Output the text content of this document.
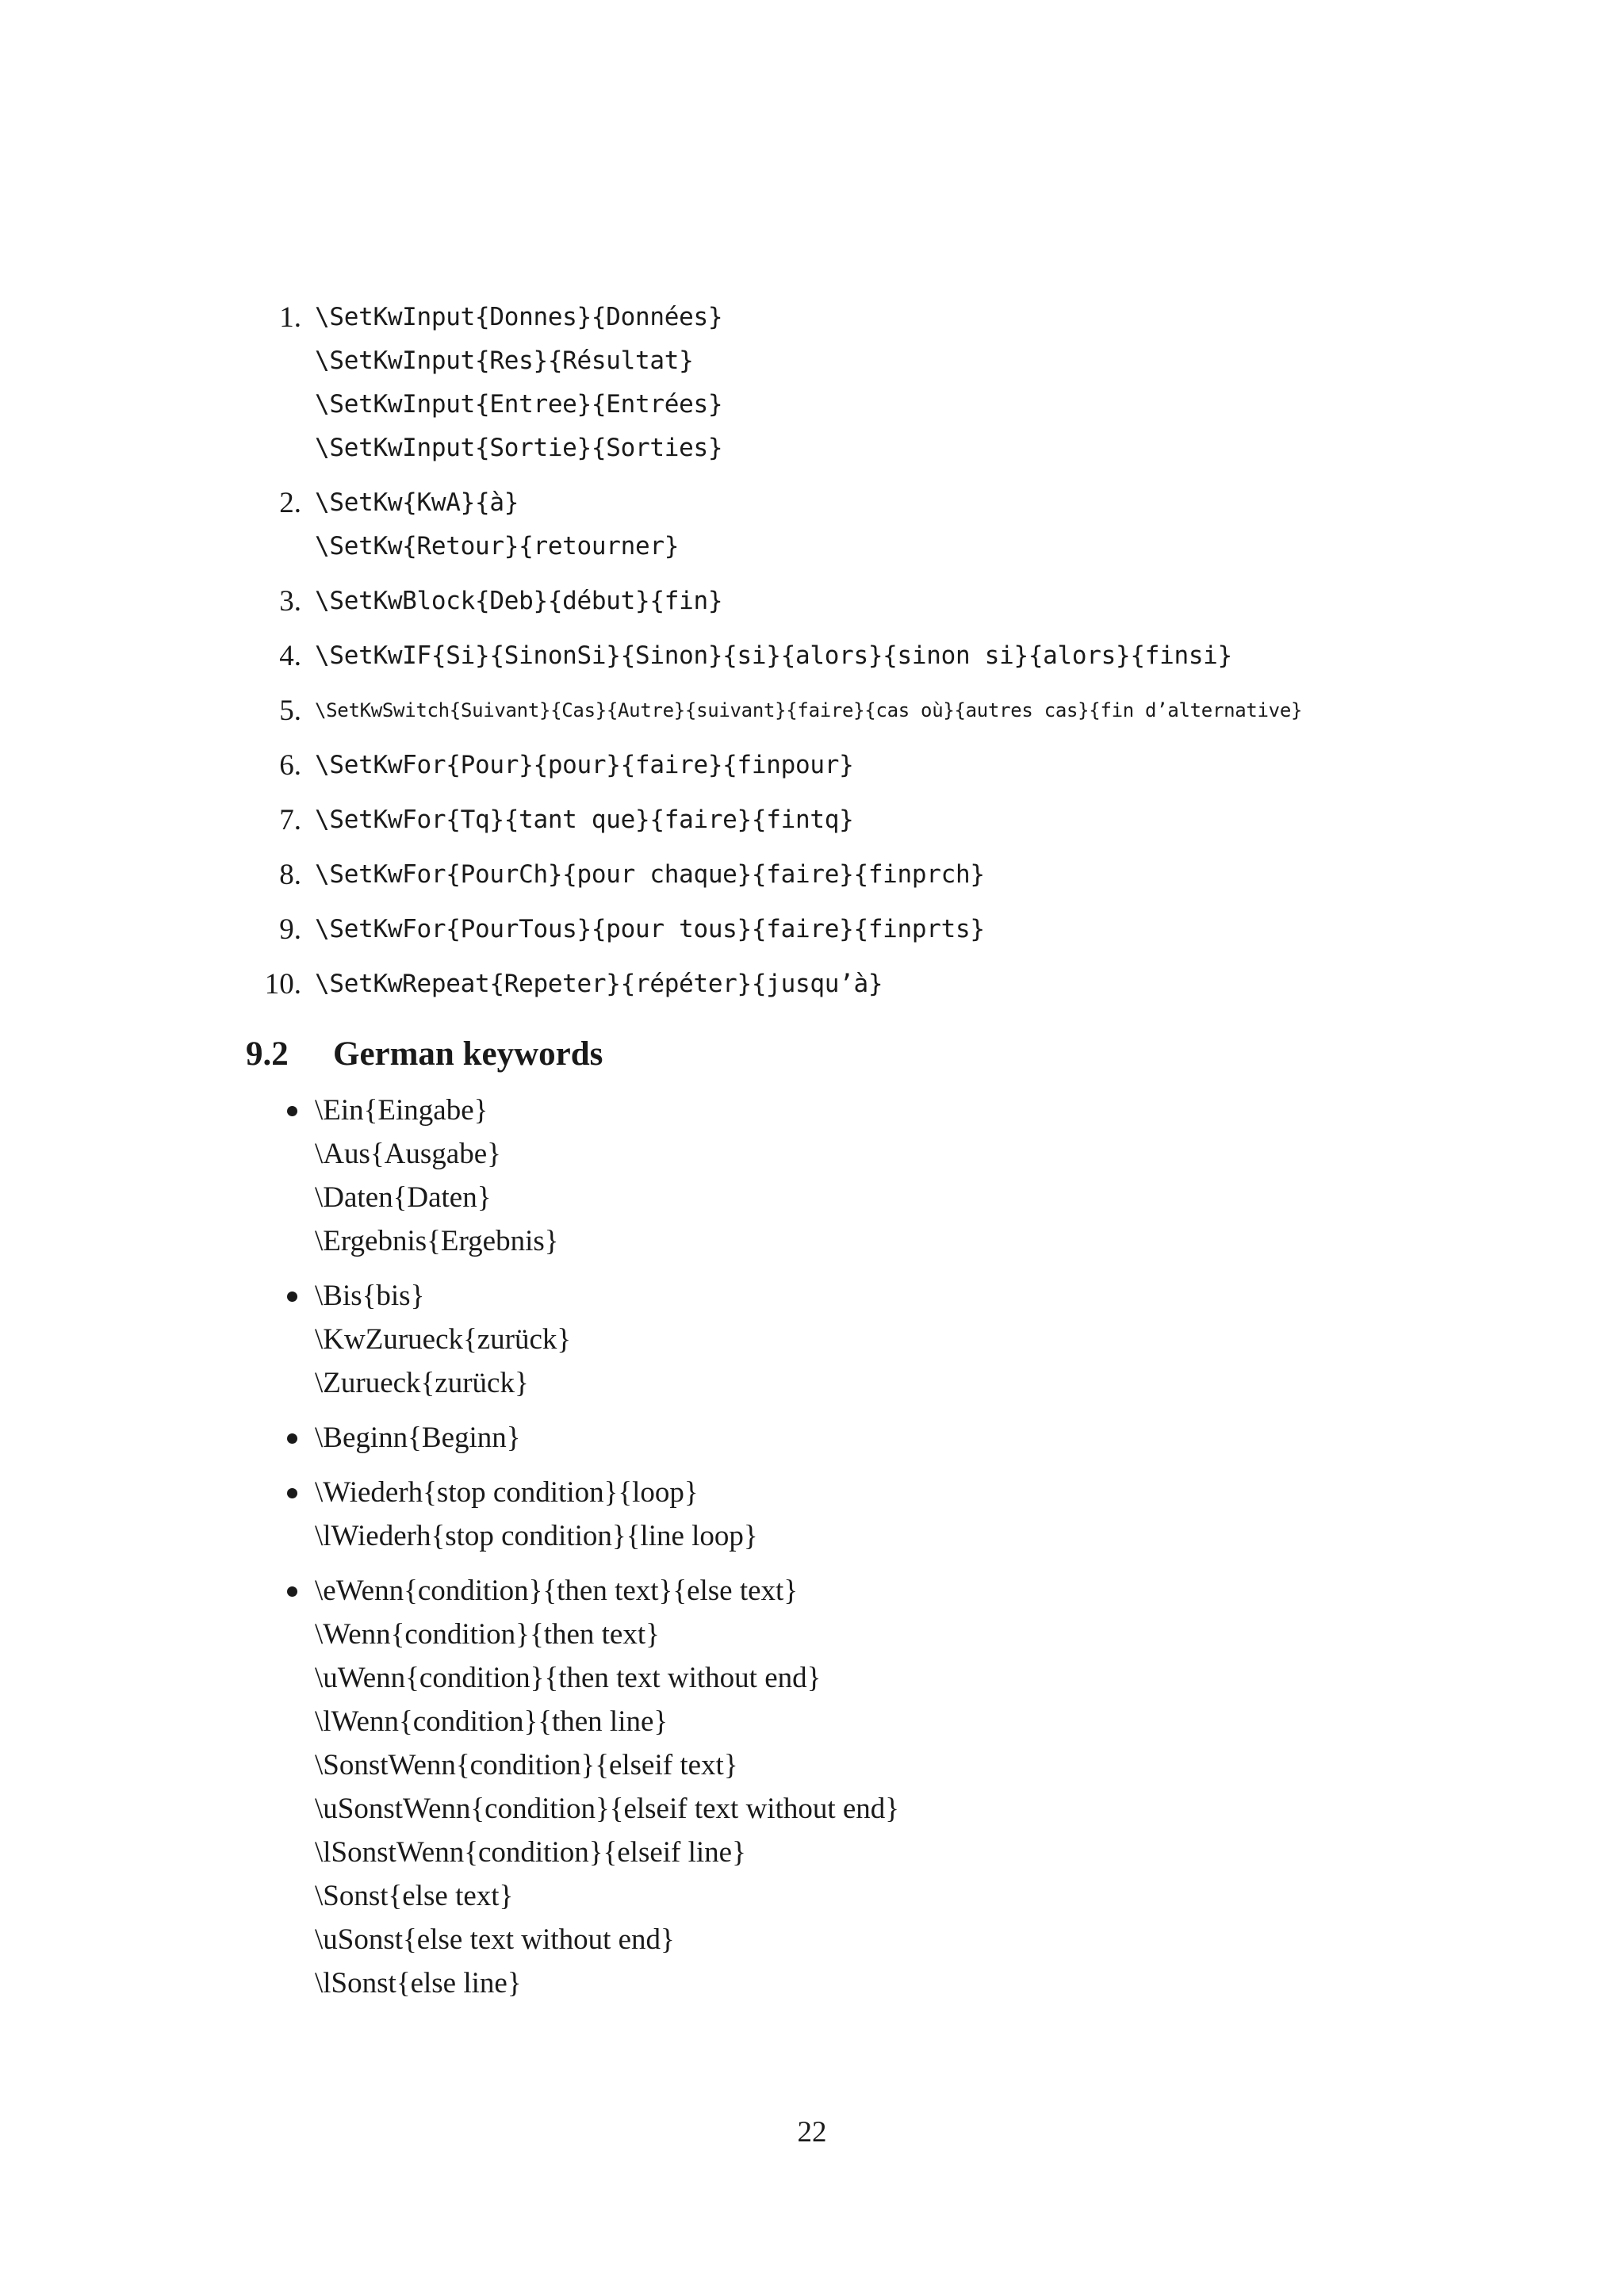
1. \SetKwInput{Donnes}{Données}
\SetKwInput{Res}{Résultat}
\SetKwInput{Entree}{Entrées}
\SetKwInput{Sortie}{Sorties}
2. \SetKw{KwA}{à}
\SetKw{Retour}{retourner}
3. \SetKwBlock{Deb}{début}{fin}
4. \SetKwIF{Si}{SinonSi}{Sinon}{si}{alors}{sinon si}{alors}{finsi}
5. \SetKwSwitch{Suivant}{Cas}{Autre}{suivant}{faire}{cas où}{autres cas}{fin d’alternative}
6. \SetKwFor{Pour}{pour}{faire}{finpour}
7. \SetKwFor{Tq}{tant que}{faire}{fintq}
8. \SetKwFor{PourCh}{pour chaque}{faire}{finprch}
9. \SetKwFor{PourTous}{pour tous}{faire}{finprts}
10. \SetKwRepeat{Repeter}{répéter}{jusqu’à}
9.2 German keywords
\Ein{Eingabe}
\Aus{Ausgabe}
\Daten{Daten}
\Ergebnis{Ergebnis}
\Bis{bis}
\KwZurueck{zurück}
\Zurueck{zurück}
\Beginn{Beginn}
\Wiederh{stop condition}{loop}
\lWiederh{stop condition}{line loop}
\eWenn{condition}{then text}{else text}
\Wenn{condition}{then text}
\uWenn{condition}{then text without end}
\lWenn{condition}{then line}
\SonstWenn{condition}{elseif text}
\uSonstWenn{condition}{elseif text without end}
\lSonstWenn{condition}{elseif line}
\Sonst{else text}
\uSonst{else text without end}
\lSonst{else line}
22
